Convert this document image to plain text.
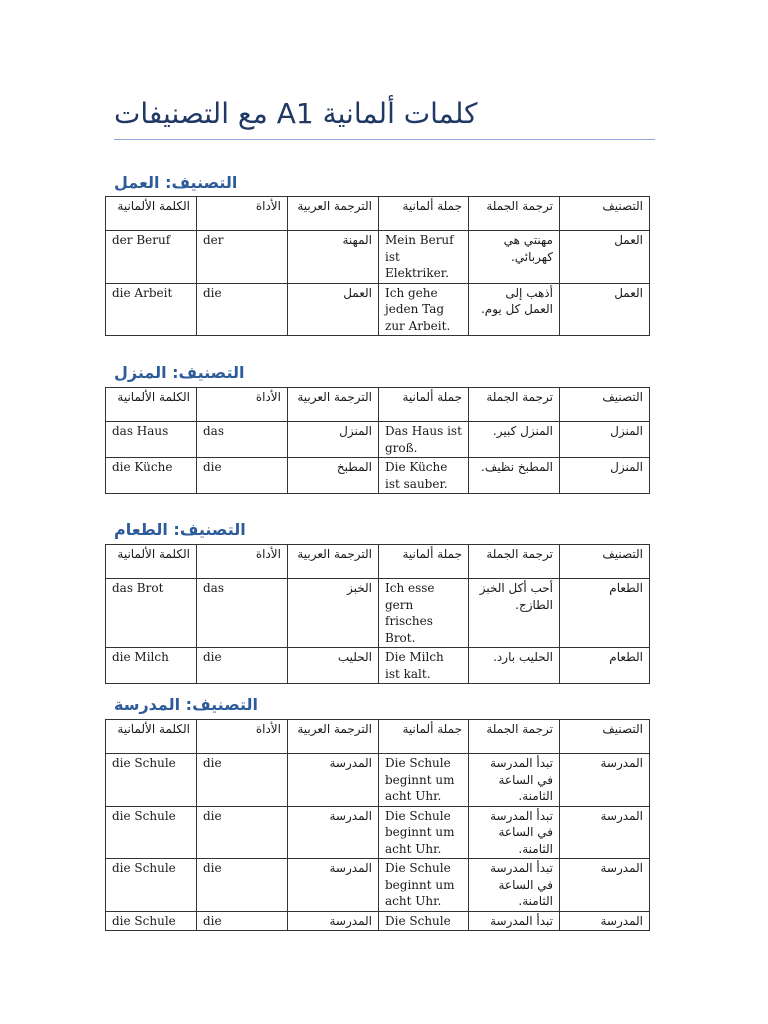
مع التصنيفات A1 كلمات ألمانية
التصنيف: العمل
الكلمة الألمانية	الأداة	الترجمة العربية	جملة ألمانية	ترجمة الجملة	التصنيف
der Beruf	der	المهنة	Mein Beruf ist Elektriker.	مهنتي هي كهربائي.	العمل
die Arbeit	die	العمل	Ich gehe jeden Tag zur Arbeit.	أذهب إلى العمل كل يوم.	العمل
التصنيف: المنزل
الكلمة الألمانية	الأداة	الترجمة العربية	جملة ألمانية	ترجمة الجملة	التصنيف
das Haus	das	المنزل	Das Haus ist groß.	المنزل كبير.	المنزل
die Küche	die	المطبخ	Die Küche ist sauber.	المطبخ نظيف.	المنزل
التصنيف: الطعام
الكلمة الألمانية	الأداة	الترجمة العربية	جملة ألمانية	ترجمة الجملة	التصنيف
das Brot	das	الخبز	Ich esse gern frisches Brot.	أحب أكل الخبز الطازج.	الطعام
die Milch	die	الحليب	Die Milch ist kalt.	الحليب بارد.	الطعام
التصنيف: المدرسة
الكلمة الألمانية	الأداة	الترجمة العربية	جملة ألمانية	ترجمة الجملة	التصنيف
die Schule	die	المدرسة	Die Schule beginnt um acht Uhr.	تبدأ المدرسة في الساعة الثامنة.	المدرسة
die Schule	die	المدرسة	Die Schule beginnt um acht Uhr.	تبدأ المدرسة في الساعة الثامنة.	المدرسة
die Schule	die	المدرسة	Die Schule beginnt um acht Uhr.	تبدأ المدرسة في الساعة الثامنة.	المدرسة
die Schule	die	المدرسة	Die Schule	تبدأ المدرسة	المدرسة
